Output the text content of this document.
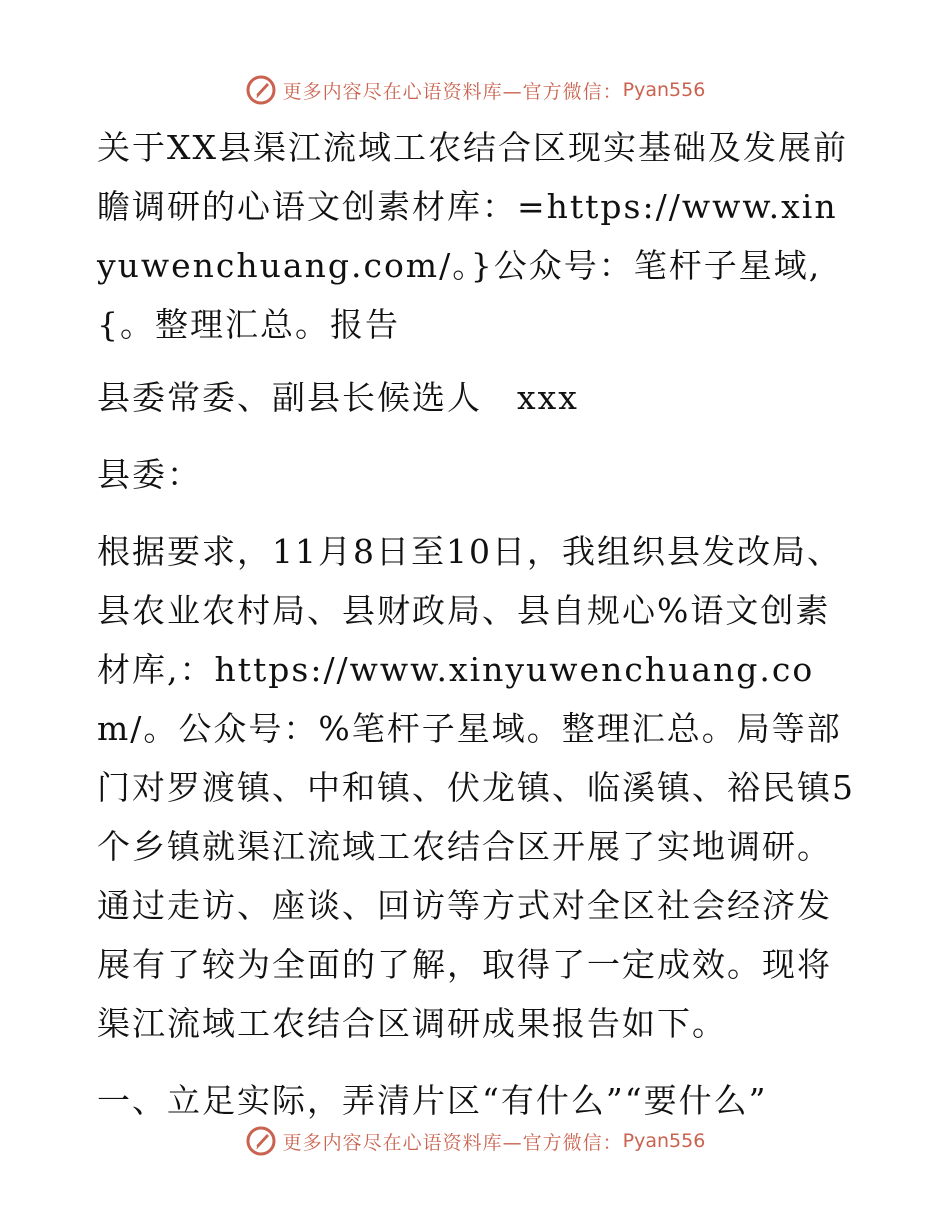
更多内容尽在心语资料库—官方微信： Pyan556

关于XX县渠江流域工农结合区现实基础及发展前瞻调研的心语文创素材库：=https://www.xinyuwenchuang.com/。}公众号：笔杆子星域,{。整理汇总。报告

县委常委、副县长候选人　xxx

县委：

根据要求，11月8日至10日，我组织县发改局、县农业农村局、县财政局、县自规心%语文创素材库,：https://www.xinyuwenchuang.com/。公众号：%笔杆子星域。整理汇总。局等部门对罗渡镇、中和镇、伏龙镇、临溪镇、裕民镇5个乡镇就渠江流域工农结合区开展了实地调研。通过走访、座谈、回访等方式对全区社会经济发展有了较为全面的了解，取得了一定成效。现将渠江流域工农结合区调研成果报告如下。

一、立足实际，弄清片区“有什么”“要什么”

更多内容尽在心语资料库—官方微信： Pyan556
